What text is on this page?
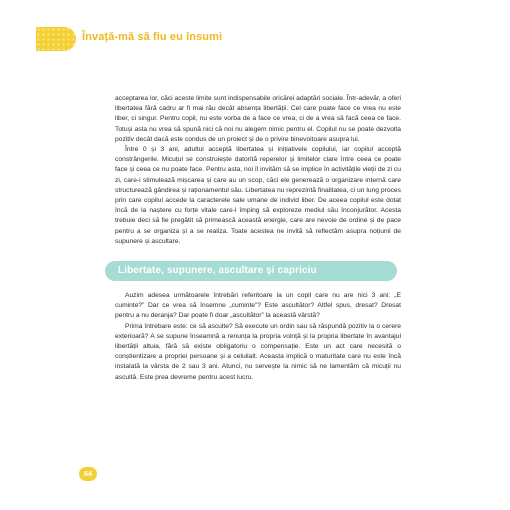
Învață-mă să fiu eu însumi

acceptarea lor, căci aceste limite sunt indispensabile oricărei adaptări sociale. Într-adevăr, a oferi libertatea fără cadru ar fi mai rău decât absența libertății. Cel care poate face ce vrea nu este liber, ci singur. Pentru copil, nu este vorba de a face ce vrea, ci de a vrea să facă ceea ce face. Totuși asta nu vrea să spună nici că noi nu alegem nimic pentru el. Copilul nu se poate dezvolta pozitiv decât dacă este condus de un proiect și de o privire binevoitoare asupra lui.

Între 0 și 3 ani, adultul acceptă libertatea și inițiativele copilului, iar copilul acceptă constrângerile. Micuțul se construiește datorită reperelor și limitelor clare între ceea ce poate face și ceea ce nu poate face. Pentru asta, noi îl invităm să se implice în activitățile vieții de zi cu zi, care-i stimulează mișcarea și care au un scop, căci ele generează o organizare internă care structurează gândirea și raționamentul său. Libertatea nu reprezintă finalitatea, ci un lung proces prin care copilul accede la caracterele sale umane de individ liber. De aceea copilul este dotat încă de la naștere cu forțe vitale care-l împing să exploreze mediul său înconjurător. Acesta trebuie deci să fie pregătit să primească această energie, care are nevoie de ordine și de pace pentru a se organiza și a se realiza. Toate acestea ne invită să reflectăm asupra noțiunii de supunere și ascultare.

Libertate, supunere, ascultare și capriciu

Auzim adesea următoarele întrebări referitoare la un copil care nu are nici 3 ani: „E cuminte?” Dar ce vrea să însemne „cuminte”? Este ascultător? Altfel spus, dresat? Dresat pentru a nu deranja? Dar poate fi doar „ascultător” la această vârstă?

Prima întrebare este: ce să asculte? Să execute un ordin sau să răspundă pozitiv la o cerere exterioară? A se supune înseamnă a renunța la propria voință și la propria libertate în avantajul libertății altuia, fără să existe obligatoriu o compensație. Este un act care necesită o conștientizare a propriei persoane și a celuilalt. Aceasta implică o maturitate care nu este încă instalată la vârsta de 2 sau 3 ani. Atunci, nu servește la nimic să ne lamentăm că micuții nu ascultă. Este prea devreme pentru acest lucru.

64
